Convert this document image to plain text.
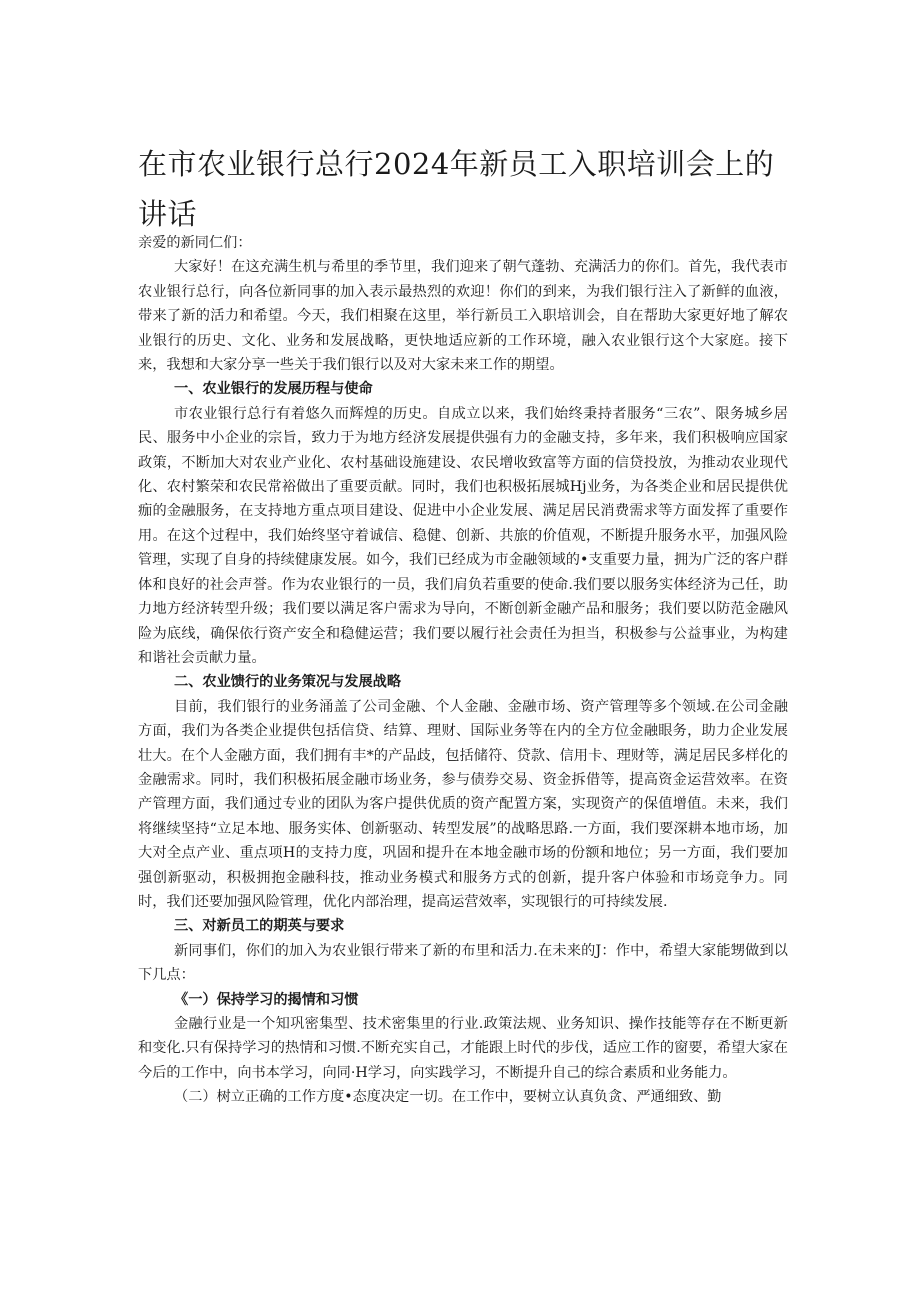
在市农业银行总行2024年新员工入职培训会上的讲话

亲爱的新同仁们：

大家好！在这充满生机与希里的季节里，我们迎来了朝气蓬勃、充满活力的你们。首先，我代表市农业银行总行，向各位新同事的加入表示最热烈的欢迎！你们的到来，为我们银行注入了新鲜的血液，带来了新的活力和希望。今天，我们相聚在这里，举行新员工入职培训会，自在帮助大家更好地了解农业银行的历史、文化、业务和发展战略，更快地适应新的工作环境，融入农业银行这个大家庭。接下来，我想和大家分享一些关于我们银行以及对大家未来工作的期望。

一、农业银行的发展历程与使命

市农业银行总行有着悠久而辉煌的历史。自成立以来，我们始终秉持者服务“三农”、限务城乡居民、服务中小企业的宗旨，致力于为地方经济发展提供强有力的金融支持，多年来，我们积极响应国家政策，不断加大对农业产业化、农村基础设施建设、农民增收致富等方面的信贷投放，为推动农业现代化、农村繁荣和农民常裕做出了重要贡献。同时，我们也积极拓展城Hj业务，为各类企业和居民提供优痂的金融服务，在支持地方重点项目建设、促进中小企业发展、满足居民消费需求等方面发挥了重要作用。在这个过程中，我们始终坚守着诚信、稳健、创新、共旅的价值观，不断提升服务水平，加强风险管理，实现了自身的持续健康发展。如今，我们已经成为市金融领域的•支重要力量，拥为广泛的客户群体和良好的社会声誉。作为农业银行的一员，我们肩负若重要的使命.我们要以服务实体经济为己任，助力地方经济转型升级；我们要以满足客户需求为导向，不断创新金融产品和服务；我们要以防范金融风险为底线，确保依行资产安全和稳健运营；我们要以履行社会责任为担当，积极参与公益事业，为构建和谐社会贡献力量。

二、农业馈行的业务策况与发展战略

目前，我们银行的业务涌盖了公司金融、个人金融、金融市场、资产管理等多个领域.在公司金融方面，我们为各类企业提供包括信贷、结算、理财、国际业务等在内的全方位金融眼务，助力企业发展壮大。在个人金融方面，我们拥有丰*的产品歧，包括储符、贷款、信用卡、理财等，满足居民多样化的金融需求。同时，我们积极拓展金融市场业务，参与债券交易、资金拆借等，提高资金运营效率。在资产管理方面，我们通过专业的团队为客户提供优质的资产配置方案，实现资产的保值增值。未来，我们将继续坚持“立足本地、服务实体、创新驱动、转型发展”的战略思路.一方面，我们要深耕本地市场，加大对全点产业、重点项H的支持力度，巩固和提升在本地金融市场的份额和地位；另一方面，我们要加强创新驱动，积极拥抱金融科技，推动业务模式和服务方式的创新，提升客户体验和市场竞争力。同时，我们还要加强风险管理，优化内部治理，提高运营效率，实现银行的可持续发展.

三、对新员工的期英与要求

新同事们，你们的加入为农业银行带来了新的布里和活力.在未来的J：作中，希望大家能甥做到以下几点：

《一）保持学习的揭情和习惯

金融行业是一个知巩密集型、技术密集里的行业.政策法规、业务知识、操作技能等存在不断更新和变化.只有保持学习的热情和习惯.不断充实自己，才能跟上时代的步伐，适应工作的窗要，希望大家在今后的工作中，向书本学习，向同·H学习，向实践学习，不断提升自己的综合素质和业务能力。

（二）树立正确的工作方度•态度决定一切。在工作中，要树立认真负贪、严通细致、勤
